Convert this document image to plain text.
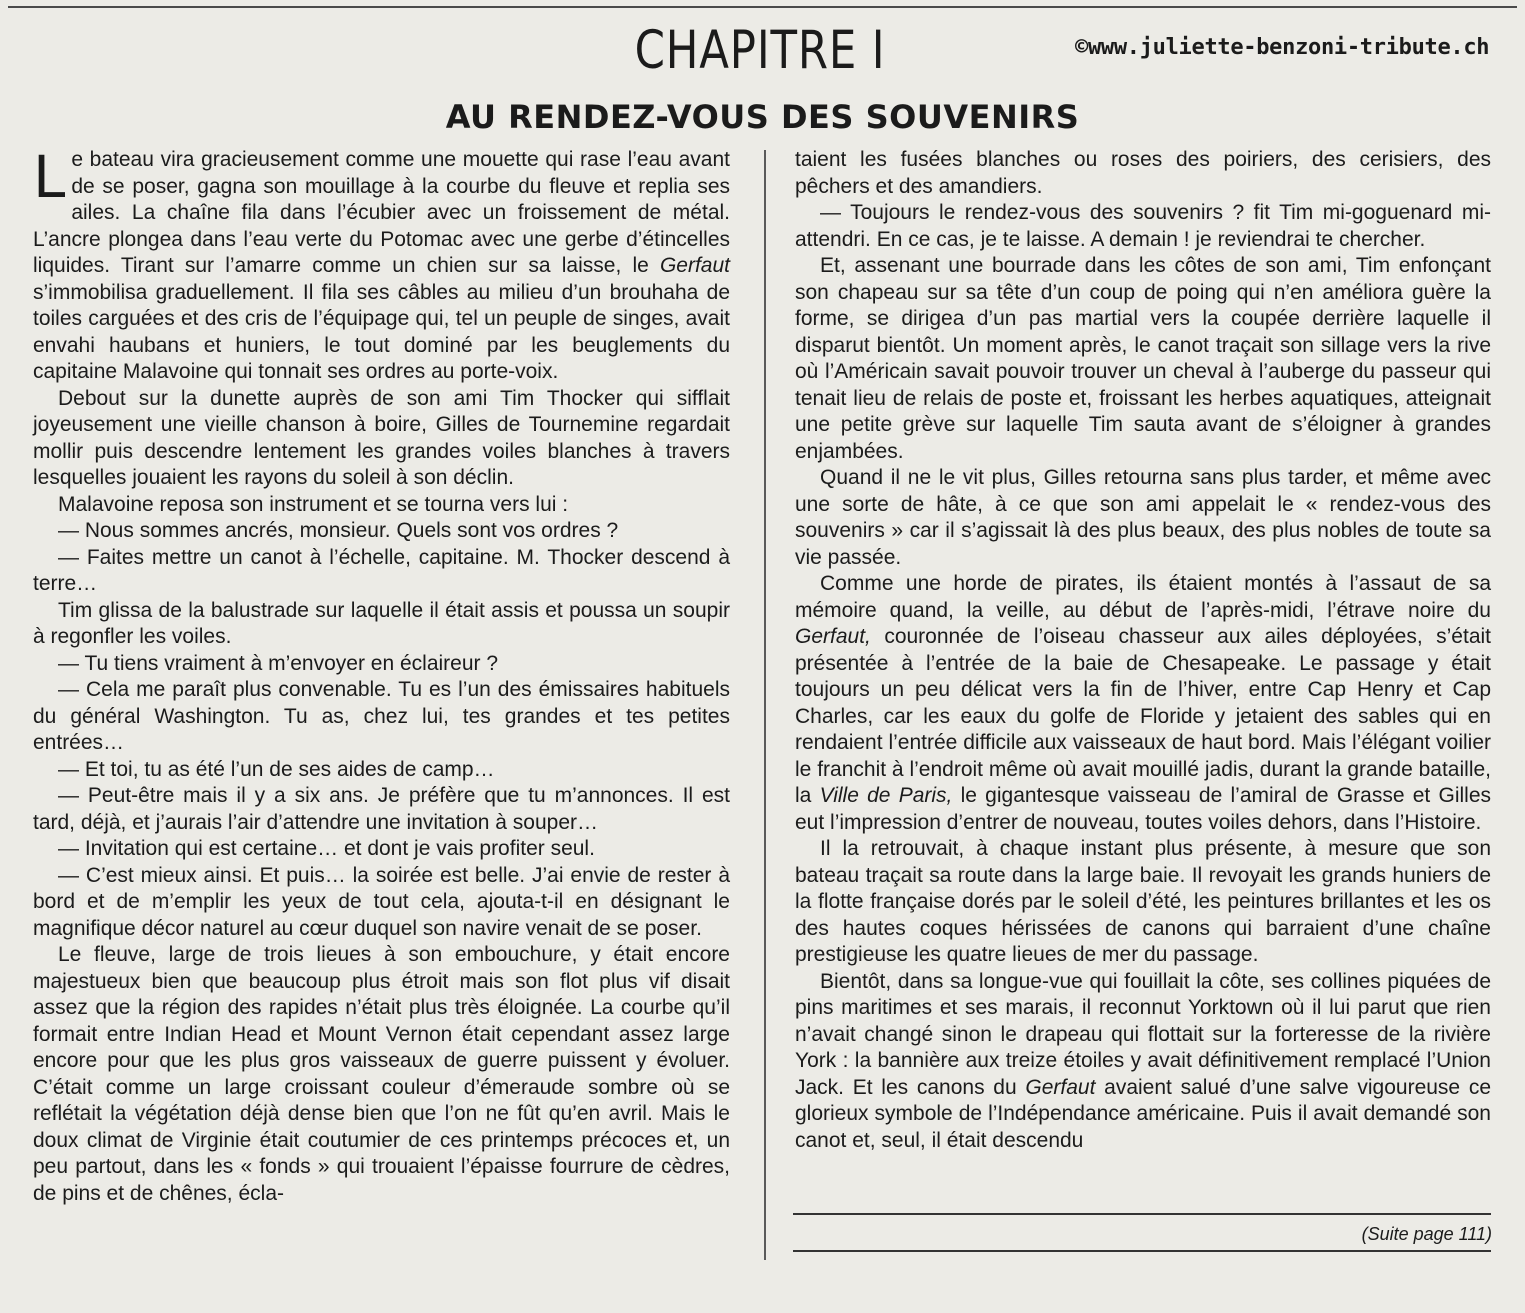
CHAPITRE I	©www.juliette-benzoni-tribute.ch
AU RENDEZ-VOUS DES SOUVENIRS

Le bateau vira gracieusement comme une mouette qui rase l’eau avant de se poser, gagna son mouillage à la courbe du fleuve et replia ses ailes. La chaîne fila dans l’écubier avec un froissement de métal. L’ancre plongea dans l’eau verte du Potomac avec une gerbe d’étincelles liquides. Tirant sur l’amarre comme un chien sur sa laisse, le Gerfaut s’immobilisa graduellement. Il fila ses câbles au milieu d’un brouhaha de toiles carguées et des cris de l’équipage qui, tel un peuple de singes, avait envahi haubans et huniers, le tout dominé par les beuglements du capitaine Malavoine qui tonnait ses ordres au porte-voix.

Debout sur la dunette auprès de son ami Tim Thocker qui sifflait joyeusement une vieille chanson à boire, Gilles de Tournemine regardait mollir puis descendre lentement les grandes voiles blanches à travers lesquelles jouaient les rayons du soleil à son déclin.

Malavoine reposa son instrument et se tourna vers lui :

— Nous sommes ancrés, monsieur. Quels sont vos ordres ?

— Faites mettre un canot à l’échelle, capitaine. M. Thocker descend à terre…

Tim glissa de la balustrade sur laquelle il était assis et poussa un soupir à regonfler les voiles.

— Tu tiens vraiment à m’envoyer en éclaireur ?

— Cela me paraît plus convenable. Tu es l’un des émissaires habituels du général Washington. Tu as, chez lui, tes grandes et tes petites entrées…

— Et toi, tu as été l’un de ses aides de camp…

— Peut-être mais il y a six ans. Je préfère que tu m’annonces. Il est tard, déjà, et j’aurais l’air d’attendre une invitation à souper…

— Invitation qui est certaine… et dont je vais profiter seul.

— C’est mieux ainsi. Et puis… la soirée est belle. J’ai envie de rester à bord et de m’emplir les yeux de tout cela, ajouta-t-il en désignant le magnifique décor naturel au cœur duquel son navire venait de se poser.

Le fleuve, large de trois lieues à son embouchure, y était encore majestueux bien que beaucoup plus étroit mais son flot plus vif disait assez que la région des rapides n’était plus très éloignée. La courbe qu’il formait entre Indian Head et Mount Vernon était cependant assez large encore pour que les plus gros vaisseaux de guerre puissent y évoluer. C’était comme un large croissant couleur d’émeraude sombre où se reflétait la végétation déjà dense bien que l’on ne fût qu’en avril. Mais le doux climat de Virginie était coutumier de ces printemps précoces et, un peu partout, dans les « fonds » qui trouaient l’épaisse fourrure de cèdres, de pins et de chênes, écla-

taient les fusées blanches ou roses des poiriers, des cerisiers, des pêchers et des amandiers.

— Toujours le rendez-vous des souvenirs ? fit Tim mi-goguenard mi-attendri. En ce cas, je te laisse. A demain ! je reviendrai te chercher.

Et, assenant une bourrade dans les côtes de son ami, Tim enfonçant son chapeau sur sa tête d’un coup de poing qui n’en améliora guère la forme, se dirigea d’un pas martial vers la coupée derrière laquelle il disparut bientôt. Un moment après, le canot traçait son sillage vers la rive où l’Américain savait pouvoir trouver un cheval à l’auberge du passeur qui tenait lieu de relais de poste et, froissant les herbes aquatiques, atteignait une petite grève sur laquelle Tim sauta avant de s’éloigner à grandes enjambées.

Quand il ne le vit plus, Gilles retourna sans plus tarder, et même avec une sorte de hâte, à ce que son ami appelait le « rendez-vous des souvenirs » car il s’agissait là des plus beaux, des plus nobles de toute sa vie passée.

Comme une horde de pirates, ils étaient montés à l’assaut de sa mémoire quand, la veille, au début de l’après-midi, l’étrave noire du Gerfaut, couronnée de l’oiseau chasseur aux ailes déployées, s’était présentée à l’entrée de la baie de Chesapeake. Le passage y était toujours un peu délicat vers la fin de l’hiver, entre Cap Henry et Cap Charles, car les eaux du golfe de Floride y jetaient des sables qui en rendaient l’entrée difficile aux vaisseaux de haut bord. Mais l’élégant voilier le franchit à l’endroit même où avait mouillé jadis, durant la grande bataille, la Ville de Paris, le gigantesque vaisseau de l’amiral de Grasse et Gilles eut l’impression d’entrer de nouveau, toutes voiles dehors, dans l’Histoire.

Il la retrouvait, à chaque instant plus présente, à mesure que son bateau traçait sa route dans la large baie. Il revoyait les grands huniers de la flotte française dorés par le soleil d’été, les peintures brillantes et les os des hautes coques hérissées de canons qui barraient d’une chaîne prestigieuse les quatre lieues de mer du passage.

Bientôt, dans sa longue-vue qui fouillait la côte, ses collines piquées de pins maritimes et ses marais, il reconnut Yorktown où il lui parut que rien n’avait changé sinon le drapeau qui flottait sur la forteresse de la rivière York : la bannière aux treize étoiles y avait définitivement remplacé l’Union Jack. Et les canons du Gerfaut avaient salué d’une salve vigoureuse ce glorieux symbole de l’Indépendance américaine. Puis il avait demandé son canot et, seul, il était descendu

(Suite page 111)
